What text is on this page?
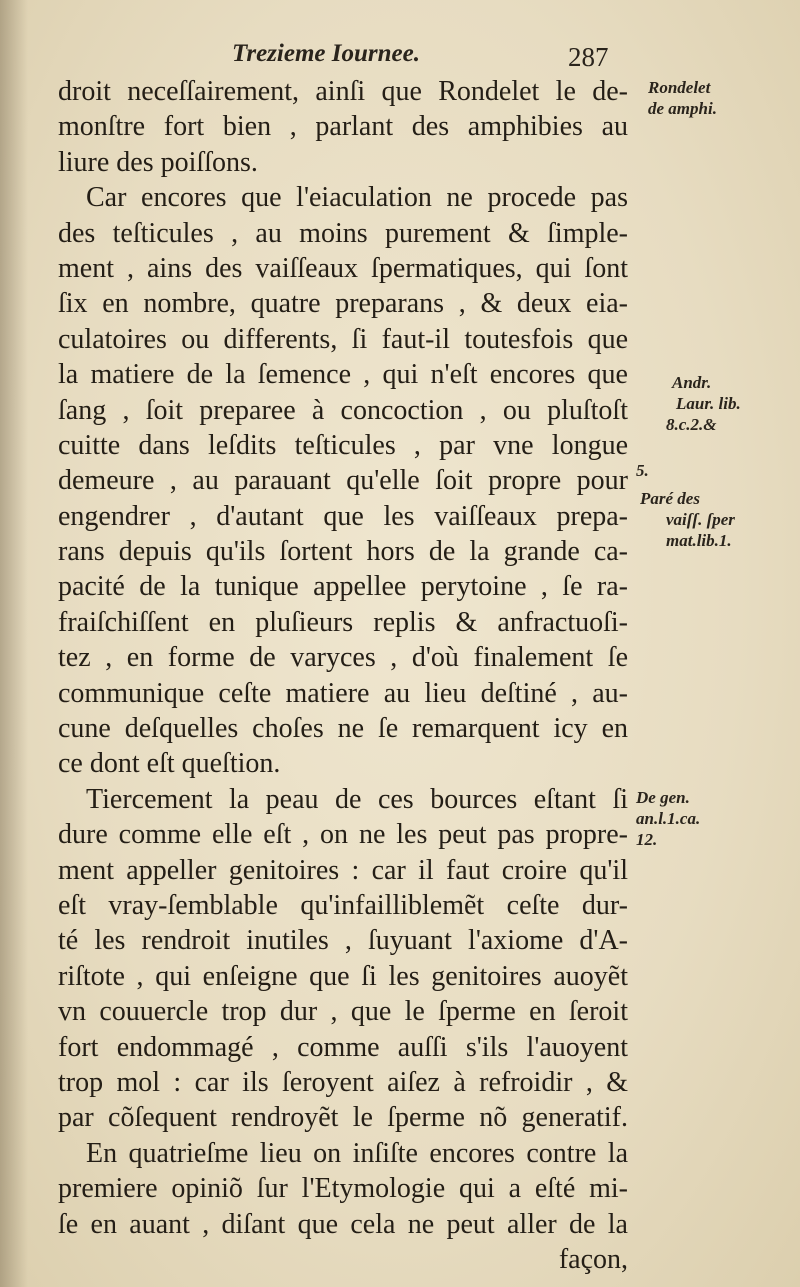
Trezieme Iournee.	287
droit neceſſairement, ainſi que Rondelet le de-
monſtre fort bien , parlant des amphibies au
liure des poiſſons.
Car encores que l'eiaculation ne procede pas
des teſticules , au moins purement & ſimple-
ment , ains des vaiſſeaux ſpermatiques, qui ſont
ſix en nombre, quatre preparans , & deux eia-
culatoires ou differents, ſi faut-il toutesfois que
la matiere de la ſemence , qui n'eſt encores que
ſang , ſoit preparee à concoction , ou pluſtoſt
cuitte dans leſdits teſticules , par vne longue
demeure , au parauant qu'elle ſoit propre pour
engendrer , d'autant que les vaiſſeaux prepa-
rans depuis qu'ils ſortent hors de la grande ca-
pacité de la tunique appellee perytoine , ſe ra-
fraiſchiſſent en pluſieurs replis & anfractuoſi-
tez , en forme de varyces , d'où finalement ſe
communique ceſte matiere au lieu deſtiné , au-
cune deſquelles choſes ne ſe remarquent icy en
ce dont eſt queſtion.
Tiercement la peau de ces bources eſtant ſi
dure comme elle eſt , on ne les peut pas propre-
ment appeller genitoires : car il faut croire qu'il
eſt vray-ſemblable qu'infailliblemẽt ceſte dur-
té les rendroit inutiles , ſuyuant l'axiome d'A-
riſtote , qui enſeigne que ſi les genitoires auoyẽt
vn couuercle trop dur , que le ſperme en ſeroit
fort endommagé , comme auſſi s'ils l'auoyent
trop mol : car ils ſeroyent aiſez à refroidir , &
par cõſequent rendroyẽt le ſperme nõ generatif.
En quatrieſme lieu on inſiſte encores contre la
premiere opiniõ ſur l'Etymologie qui a eſté mi-
ſe en auant , diſant que cela ne peut aller de la
façon,
Rondelet
de amphi.
Andr.
Laur. lib.
8.c.2.&
5.
Paré des
vaiſſ. ſper
mat.lib.1.
De gen.
an.l.1.ca.
12.
